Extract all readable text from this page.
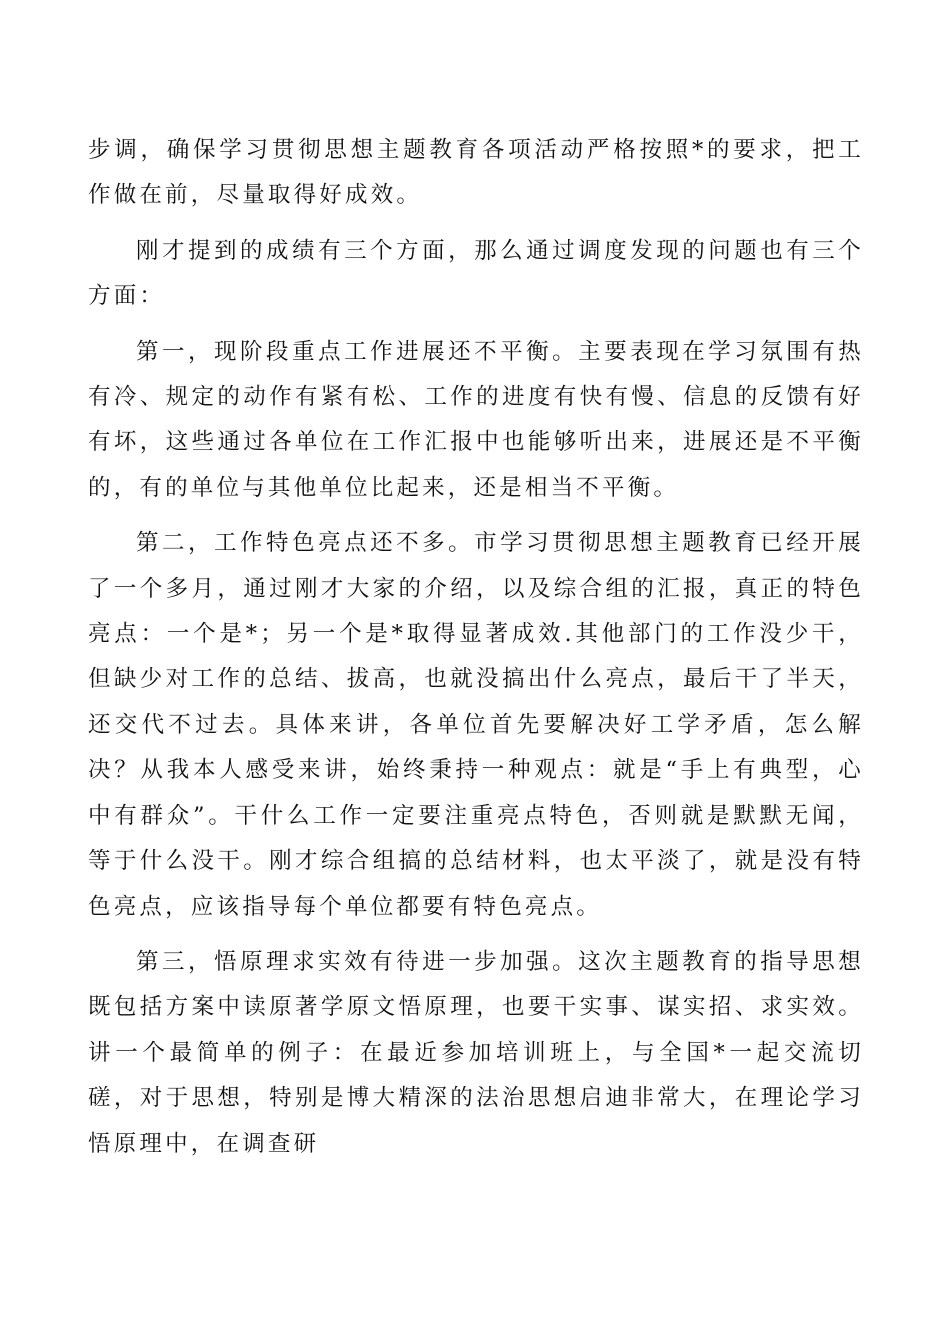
步调，确保学习贯彻思想主题教育各项活动严格按照*的要求，把工作做在前，尽量取得好成效。

刚才提到的成绩有三个方面，那么通过调度发现的问题也有三个方面：

第一，现阶段重点工作进展还不平衡。主要表现在学习氛围有热有冷、规定的动作有紧有松、工作的进度有快有慢、信息的反馈有好有坏，这些通过各单位在工作汇报中也能够听出来，进展还是不平衡的，有的单位与其他单位比起来，还是相当不平衡。

第二，工作特色亮点还不多。市学习贯彻思想主题教育已经开展了一个多月，通过刚才大家的介绍，以及综合组的汇报，真正的特色亮点：一个是*；另一个是*取得显著成效.其他部门的工作没少干，但缺少对工作的总结、拔高，也就没搞出什么亮点，最后干了半天，还交代不过去。具体来讲，各单位首先要解决好工学矛盾，怎么解决？从我本人感受来讲，始终秉持一种观点：就是“手上有典型，心中有群众”。干什么工作一定要注重亮点特色，否则就是默默无闻，等于什么没干。刚才综合组搞的总结材料，也太平淡了，就是没有特色亮点，应该指导每个单位都要有特色亮点。

第三，悟原理求实效有待进一步加强。这次主题教育的指导思想既包括方案中读原著学原文悟原理，也要干实事、谋实招、求实效。讲一个最简单的例子：在最近参加培训班上，与全国*一起交流切磋，对于思想，特别是博大精深的法治思想启迪非常大，在理论学习悟原理中，在调查研
